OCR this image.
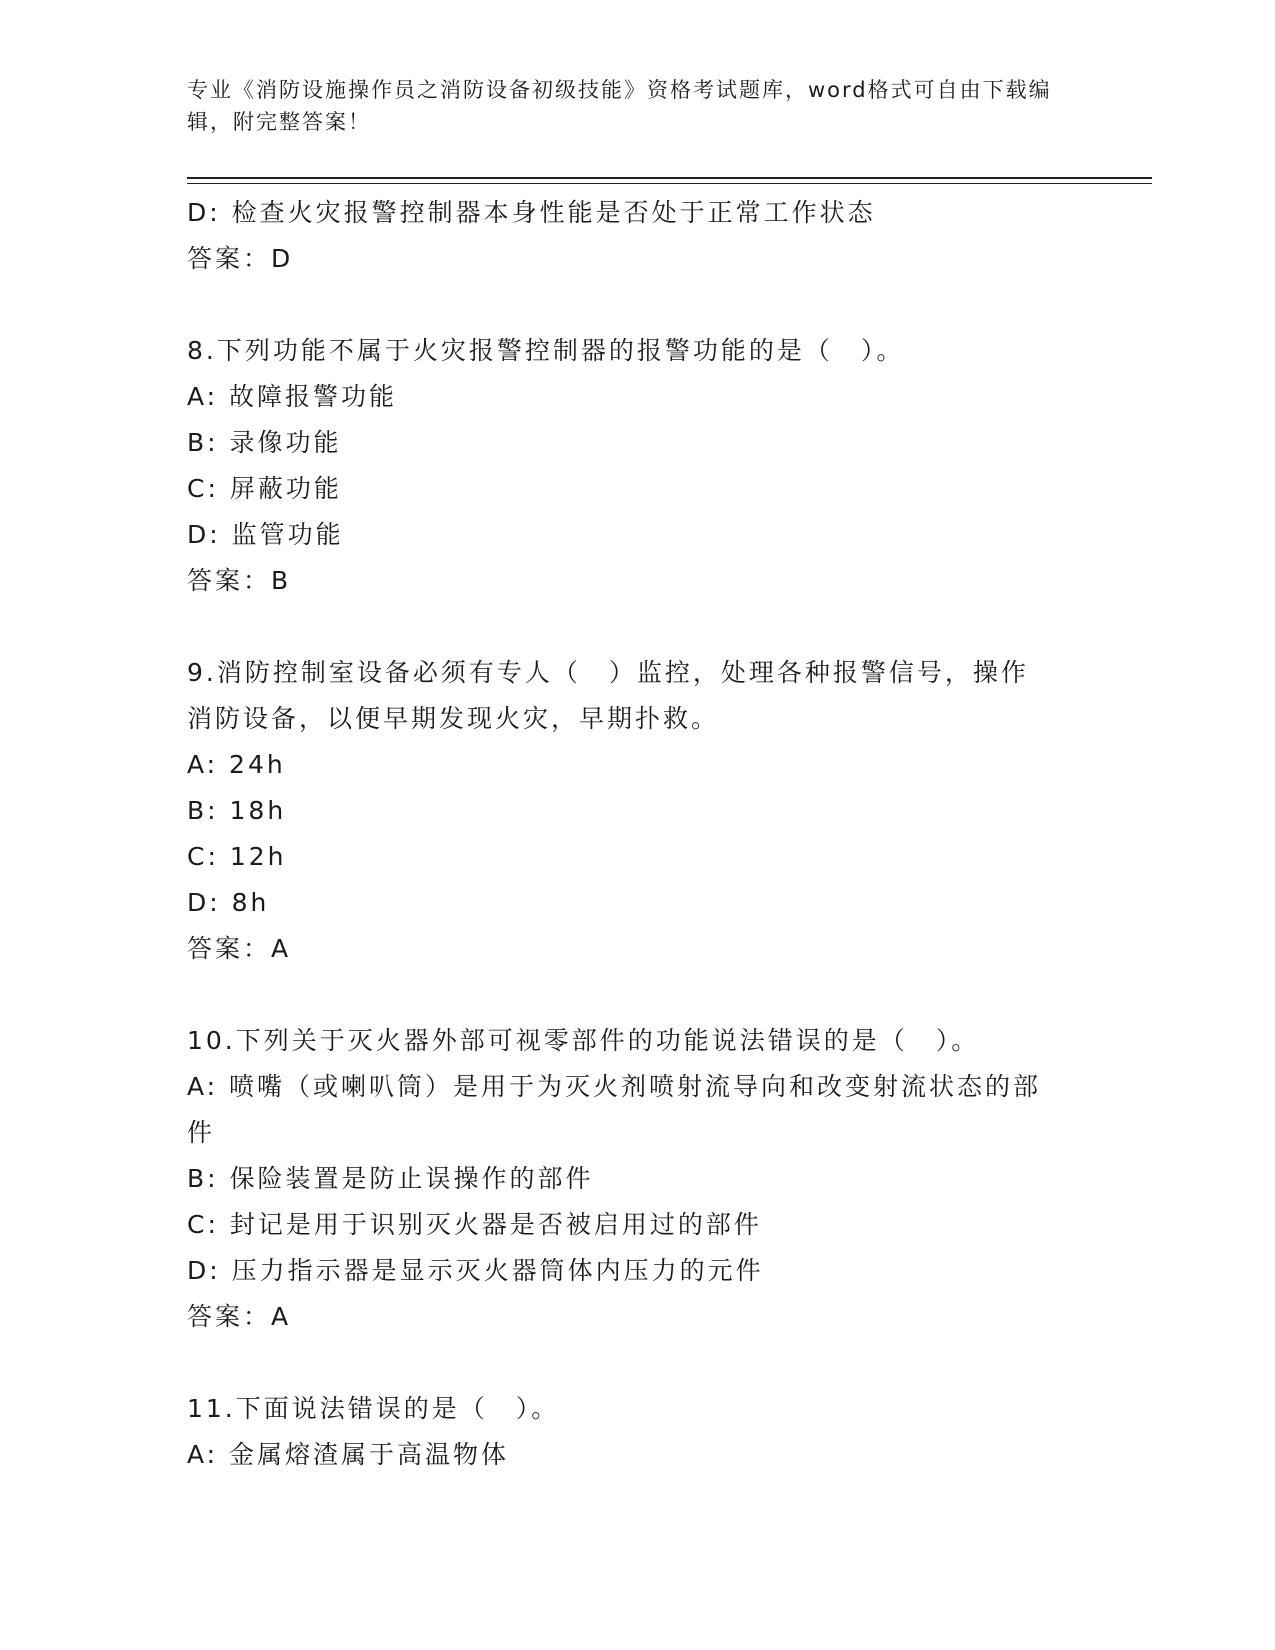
专业《消防设施操作员之消防设备初级技能》资格考试题库，word格式可自由下载编辑，附完整答案！
D: 检查火灾报警控制器本身性能是否处于正常工作状态
答案：D
8.下列功能不属于火灾报警控制器的报警功能的是（　）。
A: 故障报警功能
B: 录像功能
C: 屏蔽功能
D: 监管功能
答案：B
9.消防控制室设备必须有专人（　）监控，处理各种报警信号，操作
消防设备，以便早期发现火灾，早期扑救。
A: 24h
B: 18h
C: 12h
D: 8h
答案：A
10.下列关于灭火器外部可视零部件的功能说法错误的是（　）。
A: 喷嘴（或喇叭筒）是用于为灭火剂喷射流导向和改变射流状态的部
件
B: 保险装置是防止误操作的部件
C: 封记是用于识别灭火器是否被启用过的部件
D: 压力指示器是显示灭火器筒体内压力的元件
答案：A
11.下面说法错误的是（　）。
A: 金属熔渣属于高温物体
